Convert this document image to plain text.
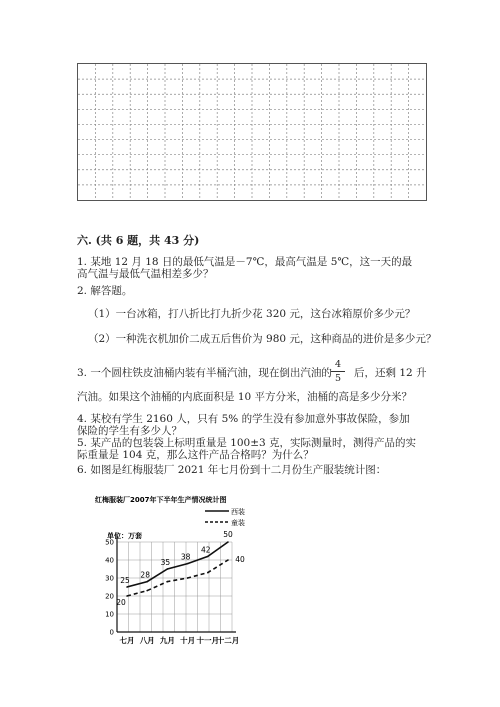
六. (共 6 题，共 43 分)

1. 某地 12 月 18 日的最低气温是－7℃，最高气温是 5℃，这一天的最高气温与最低气温相差多少？

2. 解答题。

（1）一台冰箱，打八折比打九折少花 320 元，这台冰箱原价多少元？

（2）一种洗衣机加价二成五后售价为 980 元，这种商品的进价是多少元？

3. 一个圆柱铁皮油桶内装有半桶汽油，现在倒出汽油的

4
5	后，还剩 12 升

汽油。如果这个油桶的内底面积是 10 平方分米，油桶的高是多少分米？

4. 某校有学生 2160 人，只有 5% 的学生没有参加意外事故保险，参加保险的学生有多少人？

5. 某产品的包装袋上标明重量是 100±3 克，实际测量时，测得产品的实际重量是 104 克，那么这件产品合格吗？为什么？

6. 如图是红梅服装厂 2021 年七月份到十二月份生产服装统计图：

红梅服装厂2007年下半年生产情况统计图
单位：万套
西装
童装
0
10
20
30
40
50
七月 八月 九月 十月 十一月
十二月
25
28
35
38
42
50
20
40
